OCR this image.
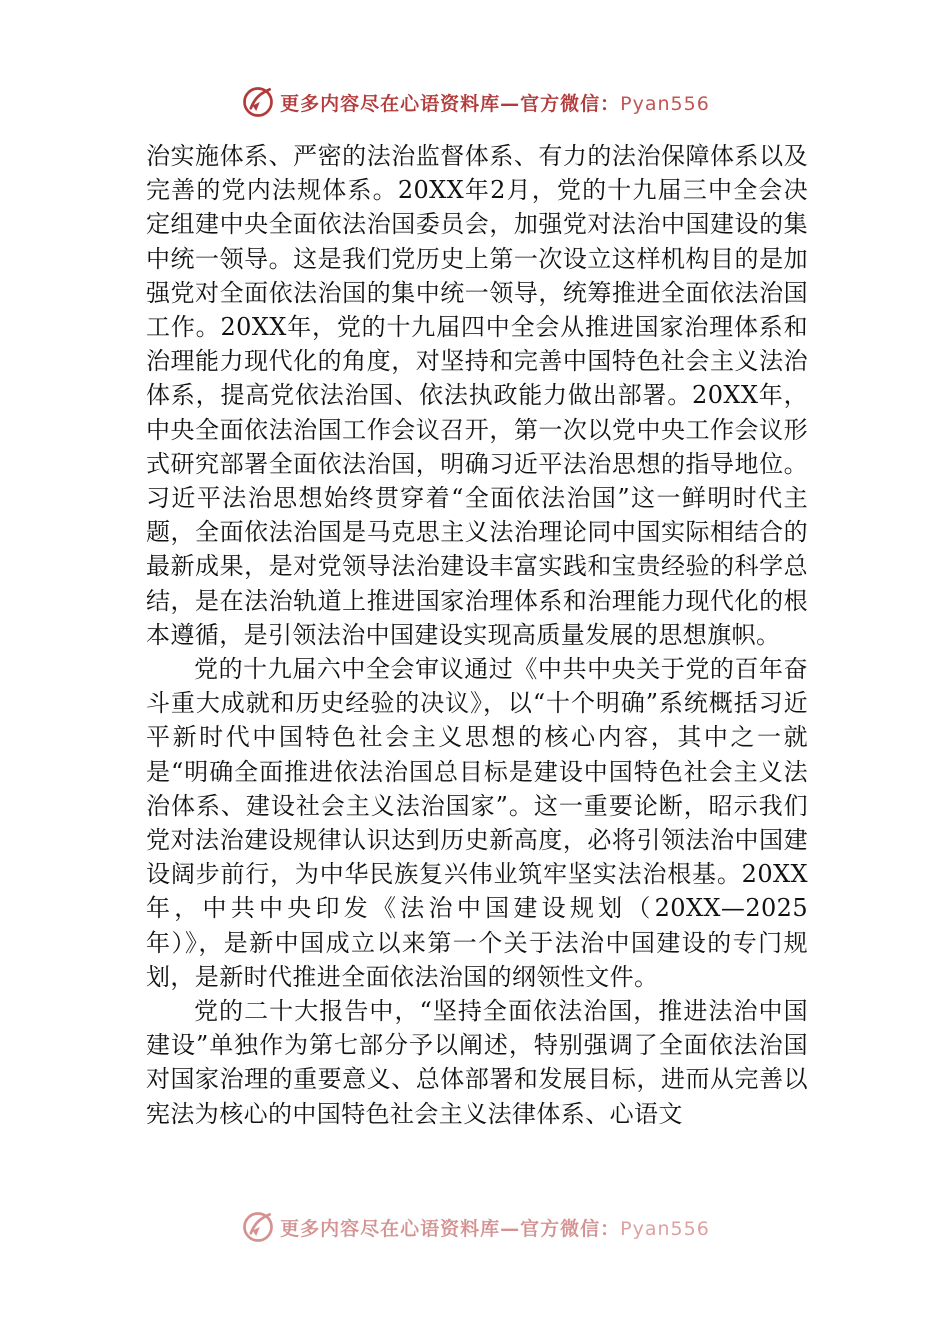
更多内容尽在心语资料库—官方微信：Pyan556

治实施体系、严密的法治监督体系、有力的法治保障体系以及完善的党内法规体系。20XX年2月，党的十九届三中全会决定组建中央全面依法治国委员会，加强党对法治中国建设的集中统一领导。这是我们党历史上第一次设立这样机构目的是加强党对全面依法治国的集中统一领导，统筹推进全面依法治国工作。20XX年，党的十九届四中全会从推进国家治理体系和治理能力现代化的角度，对坚持和完善中国特色社会主义法治体系，提高党依法治国、依法执政能力做出部署。20XX年，中央全面依法治国工作会议召开，第一次以党中央工作会议形式研究部署全面依法治国，明确习近平法治思想的指导地位。习近平法治思想始终贯穿着“全面依法治国”这一鲜明时代主题，全面依法治国是马克思主义法治理论同中国实际相结合的最新成果，是对党领导法治建设丰富实践和宝贵经验的科学总结，是在法治轨道上推进国家治理体系和治理能力现代化的根本遵循，是引领法治中国建设实现高质量发展的思想旗帜。

党的十九届六中全会审议通过《中共中央关于党的百年奋斗重大成就和历史经验的决议》，以“十个明确”系统概括习近平新时代中国特色社会主义思想的核心内容，其中之一就是“明确全面推进依法治国总目标是建设中国特色社会主义法治体系、建设社会主义法治国家”。这一重要论断，昭示我们党对法治建设规律认识达到历史新高度，必将引领法治中国建设阔步前行，为中华民族复兴伟业筑牢坚实法治根基。20XX年，中共中央印发《法治中国建设规划（20XX—2025年）》，是新中国成立以来第一个关于法治中国建设的专门规划，是新时代推进全面依法治国的纲领性文件。

党的二十大报告中，“坚持全面依法治国，推进法治中国建设”单独作为第七部分予以阐述，特别强调了全面依法治国对国家治理的重要意义、总体部署和发展目标，进而从完善以宪法为核心的中国特色社会主义法律体系、心语文

更多内容尽在心语资料库—官方微信：Pyan556
